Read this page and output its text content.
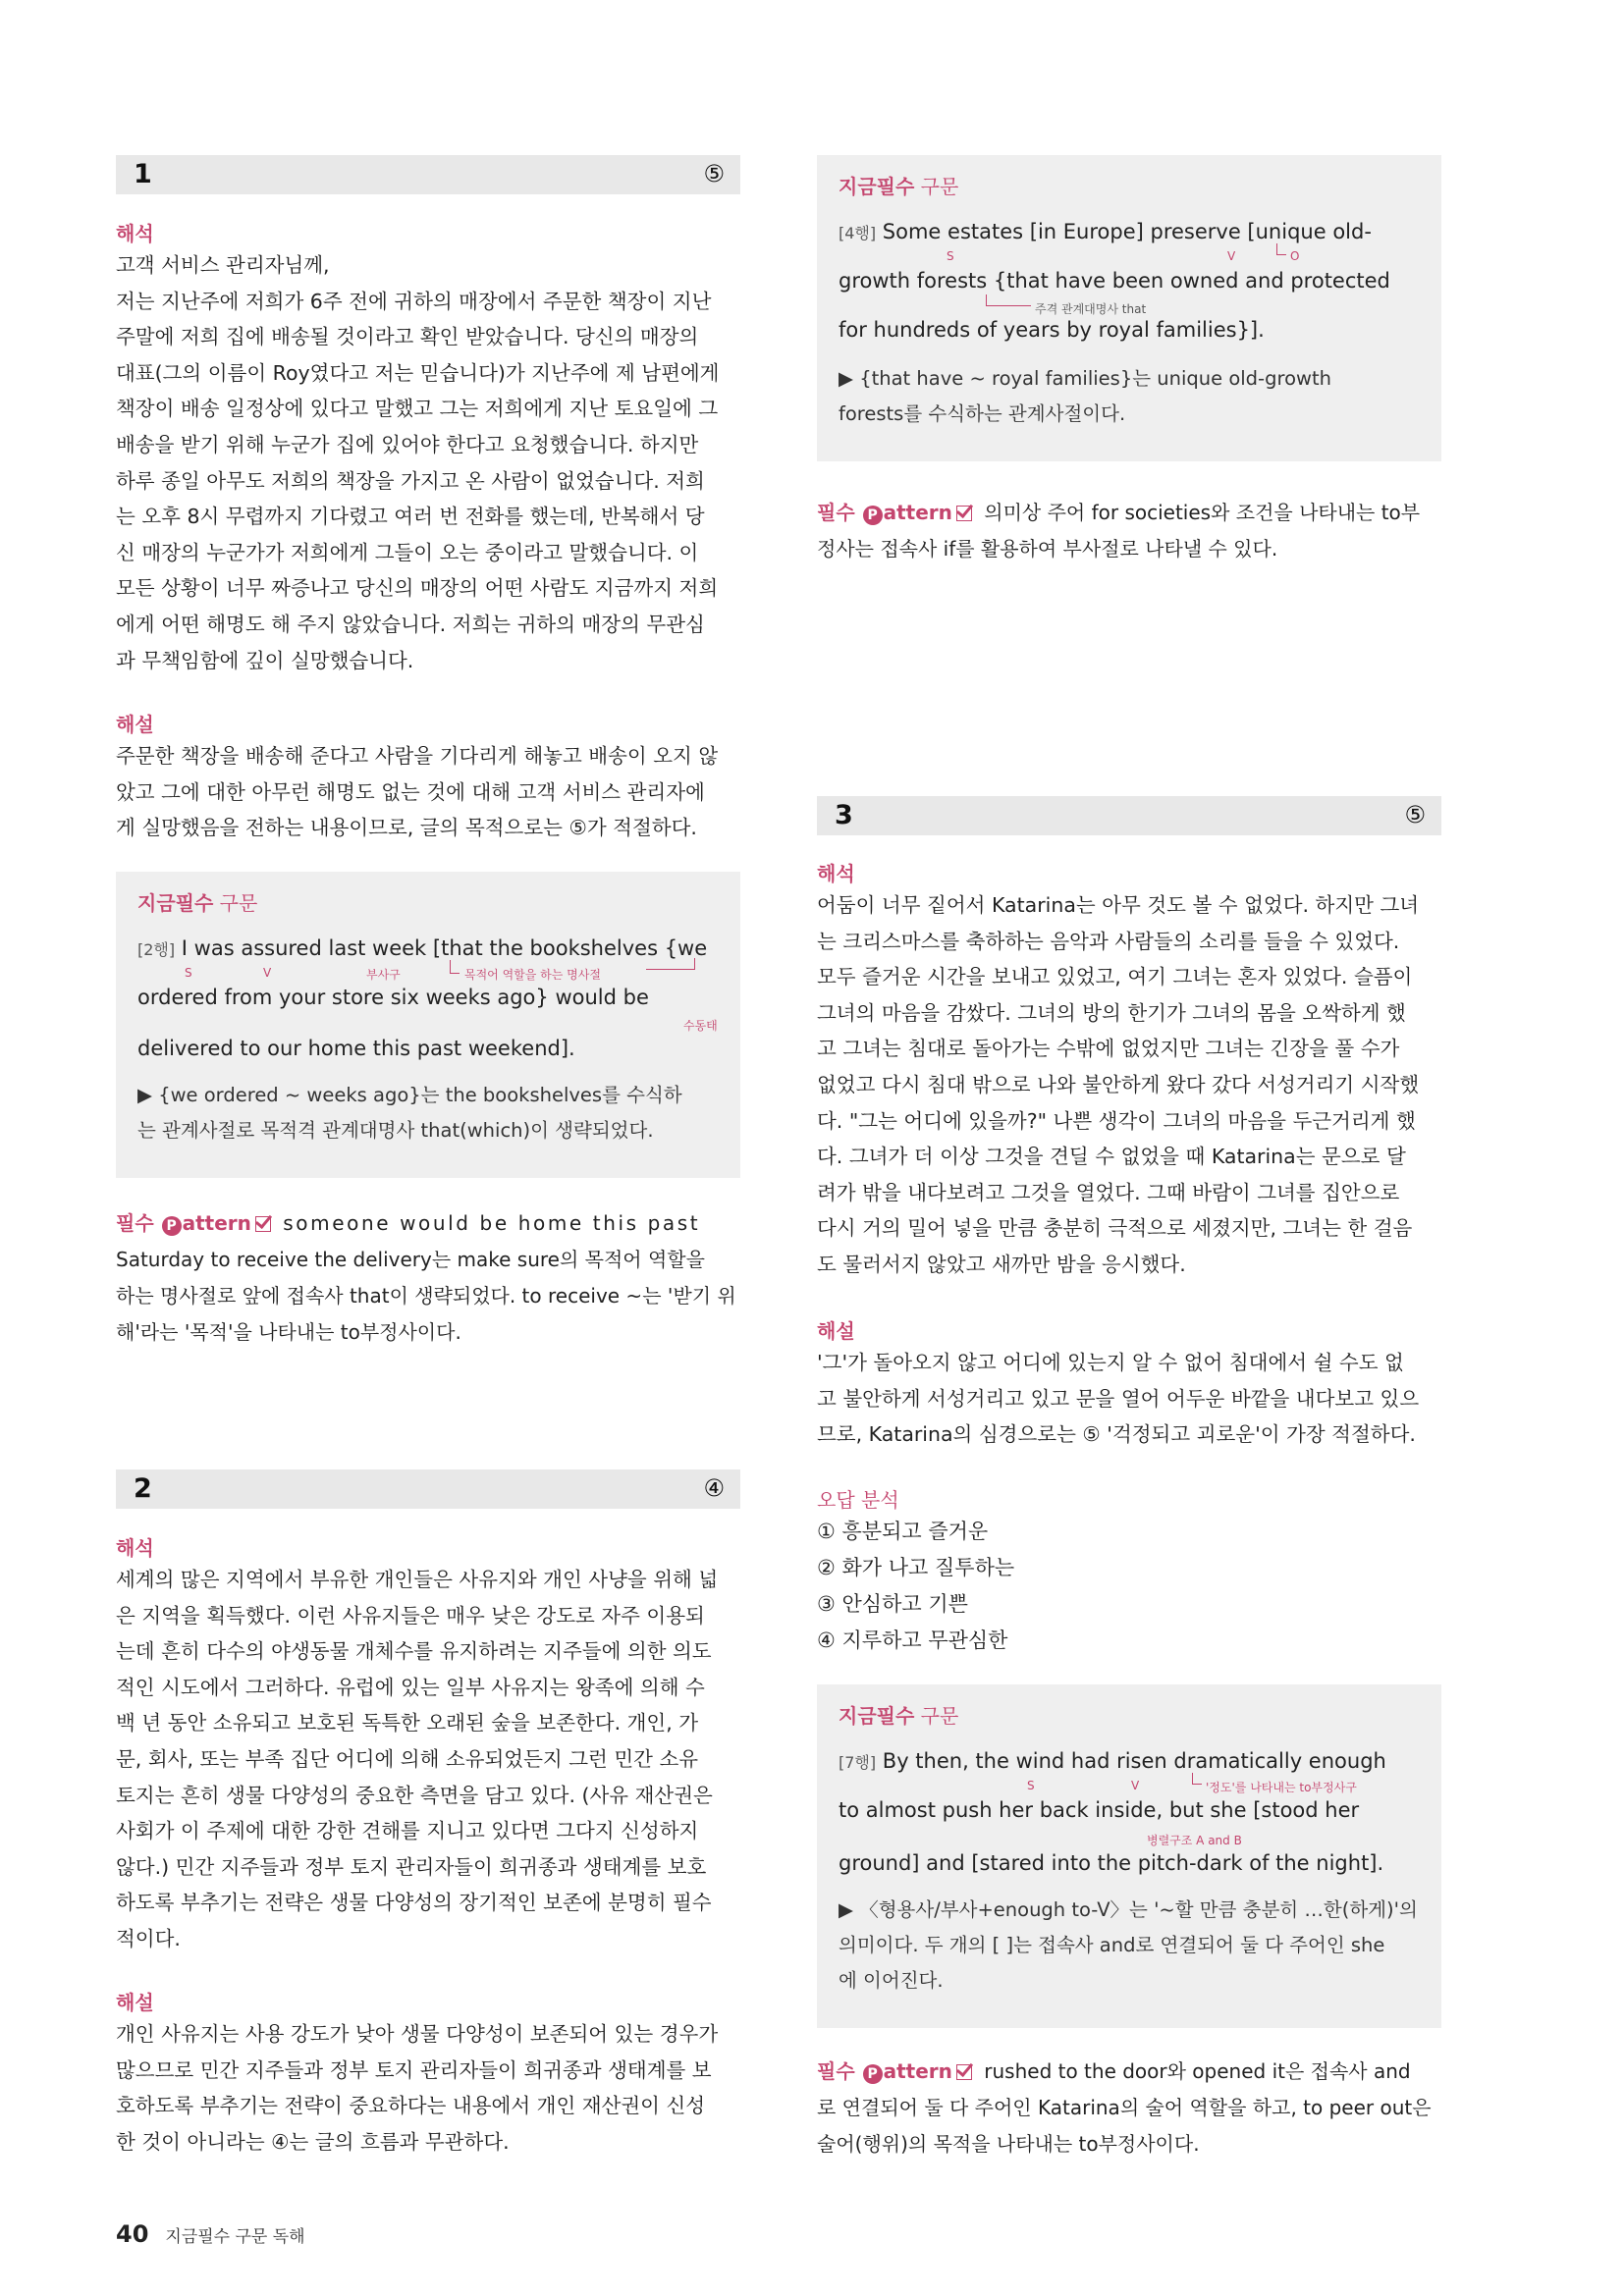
1	⑤
해석
고객 서비스 관리자님께,
저는 지난주에 저희가 6주 전에 귀하의 매장에서 주문한 책장이 지난
주말에 저희 집에 배송될 것이라고 확인 받았습니다. 당신의 매장의
대표(그의 이름이 Roy였다고 저는 믿습니다)가 지난주에 제 남편에게
책장이 배송 일정상에 있다고 말했고 그는 저희에게 지난 토요일에 그
배송을 받기 위해 누군가 집에 있어야 한다고 요청했습니다. 하지만
하루 종일 아무도 저희의 책장을 가지고 온 사람이 없었습니다. 저희
는 오후 8시 무렵까지 기다렸고 여러 번 전화를 했는데, 반복해서 당
신 매장의 누군가가 저희에게 그들이 오는 중이라고 말했습니다. 이
모든 상황이 너무 짜증나고 당신의 매장의 어떤 사람도 지금까지 저희
에게 어떤 해명도 해 주지 않았습니다. 저희는 귀하의 매장의 무관심
과 무책임함에 깊이 실망했습니다.
해설
주문한 책장을 배송해 준다고 사람을 기다리게 해놓고 배송이 오지 않
았고 그에 대한 아무런 해명도 없는 것에 대해 고객 서비스 관리자에
게 실망했음을 전하는 내용이므로, 글의 목적으로는 ⑤가 적절하다.
지금필수 구문
[2행] I was assured last week [that the bookshelves {we
S	V	부사구	목적어 역할을 하는 명사절
ordered from your store six weeks ago} would be
수동태
delivered to our home this past weekend].
▶ {we ordered ~ weeks ago}는 the bookshelves를 수식하
는 관계사절로 목적격 관계대명사 that(which)이 생략되었다.
필수 P attern someone would be home this past
Saturday to receive the delivery는 make sure의 목적어 역할을
하는 명사절로 앞에 접속사 that이 생략되었다. to receive ~는 '받기 위
해'라는 '목적'을 나타내는 to부정사이다.
2	④
해석
세계의 많은 지역에서 부유한 개인들은 사유지와 개인 사냥을 위해 넓
은 지역을 획득했다. 이런 사유지들은 매우 낮은 강도로 자주 이용되
는데 흔히 다수의 야생동물 개체수를 유지하려는 지주들에 의한 의도
적인 시도에서 그러하다. 유럽에 있는 일부 사유지는 왕족에 의해 수
백 년 동안 소유되고 보호된 독특한 오래된 숲을 보존한다. 개인, 가
문, 회사, 또는 부족 집단 어디에 의해 소유되었든지 그런 민간 소유
토지는 흔히 생물 다양성의 중요한 측면을 담고 있다. (사유 재산권은
사회가 이 주제에 대한 강한 견해를 지니고 있다면 그다지 신성하지
않다.) 민간 지주들과 정부 토지 관리자들이 희귀종과 생태계를 보호
하도록 부추기는 전략은 생물 다양성의 장기적인 보존에 분명히 필수
적이다.
해설
개인 사유지는 사용 강도가 낮아 생물 다양성이 보존되어 있는 경우가
많으므로 민간 지주들과 정부 토지 관리자들이 희귀종과 생태계를 보
호하도록 부추기는 전략이 중요하다는 내용에서 개인 재산권이 신성
한 것이 아니라는 ④는 글의 흐름과 무관하다.
지금필수 구문
[4행] Some estates [in Europe] preserve [unique old-
S	V	O
growth forests {that have been owned and protected
주격 관계대명사 that
for hundreds of years by royal families}].
▶ {that have ~ royal families}는 unique old-growth
forests를 수식하는 관계사절이다.
필수 P attern 의미상 주어 for societies와 조건을 나타내는 to부
정사는 접속사 if를 활용하여 부사절로 나타낼 수 있다.
3	⑤
해석
어둠이 너무 짙어서 Katarina는 아무 것도 볼 수 없었다. 하지만 그녀
는 크리스마스를 축하하는 음악과 사람들의 소리를 들을 수 있었다.
모두 즐거운 시간을 보내고 있었고, 여기 그녀는 혼자 있었다. 슬픔이
그녀의 마음을 감쌌다. 그녀의 방의 한기가 그녀의 몸을 오싹하게 했
고 그녀는 침대로 돌아가는 수밖에 없었지만 그녀는 긴장을 풀 수가
없었고 다시 침대 밖으로 나와 불안하게 왔다 갔다 서성거리기 시작했
다. "그는 어디에 있을까?" 나쁜 생각이 그녀의 마음을 두근거리게 했
다. 그녀가 더 이상 그것을 견딜 수 없었을 때 Katarina는 문으로 달
려가 밖을 내다보려고 그것을 열었다. 그때 바람이 그녀를 집안으로
다시 거의 밀어 넣을 만큼 충분히 극적으로 세졌지만, 그녀는 한 걸음
도 물러서지 않았고 새까만 밤을 응시했다.
해설
'그'가 돌아오지 않고 어디에 있는지 알 수 없어 침대에서 쉴 수도 없
고 불안하게 서성거리고 있고 문을 열어 어두운 바깥을 내다보고 있으
므로, Katarina의 심경으로는 ⑤ '걱정되고 괴로운'이 가장 적절하다.
오답 분석
① 흥분되고 즐거운
② 화가 나고 질투하는
③ 안심하고 기쁜
④ 지루하고 무관심한
지금필수 구문
[7행] By then, the wind had risen dramatically enough
S	V	'정도'를 나타내는 to부정사구
to almost push her back inside, but she [stood her
병렬구조 A and B
ground] and [stared into the pitch-dark of the night].
▶ 〈형용사/부사+enough to-V〉는 '~할 만큼 충분히 …한(하게)'의
의미이다. 두 개의 [ ]는 접속사 and로 연결되어 둘 다 주어인 she
에 이어진다.
필수 P attern rushed to the door와 opened it은 접속사 and
로 연결되어 둘 다 주어인 Katarina의 술어 역할을 하고, to peer out은
술어(행위)의 목적을 나타내는 to부정사이다.
40 지금필수 구문 독해
